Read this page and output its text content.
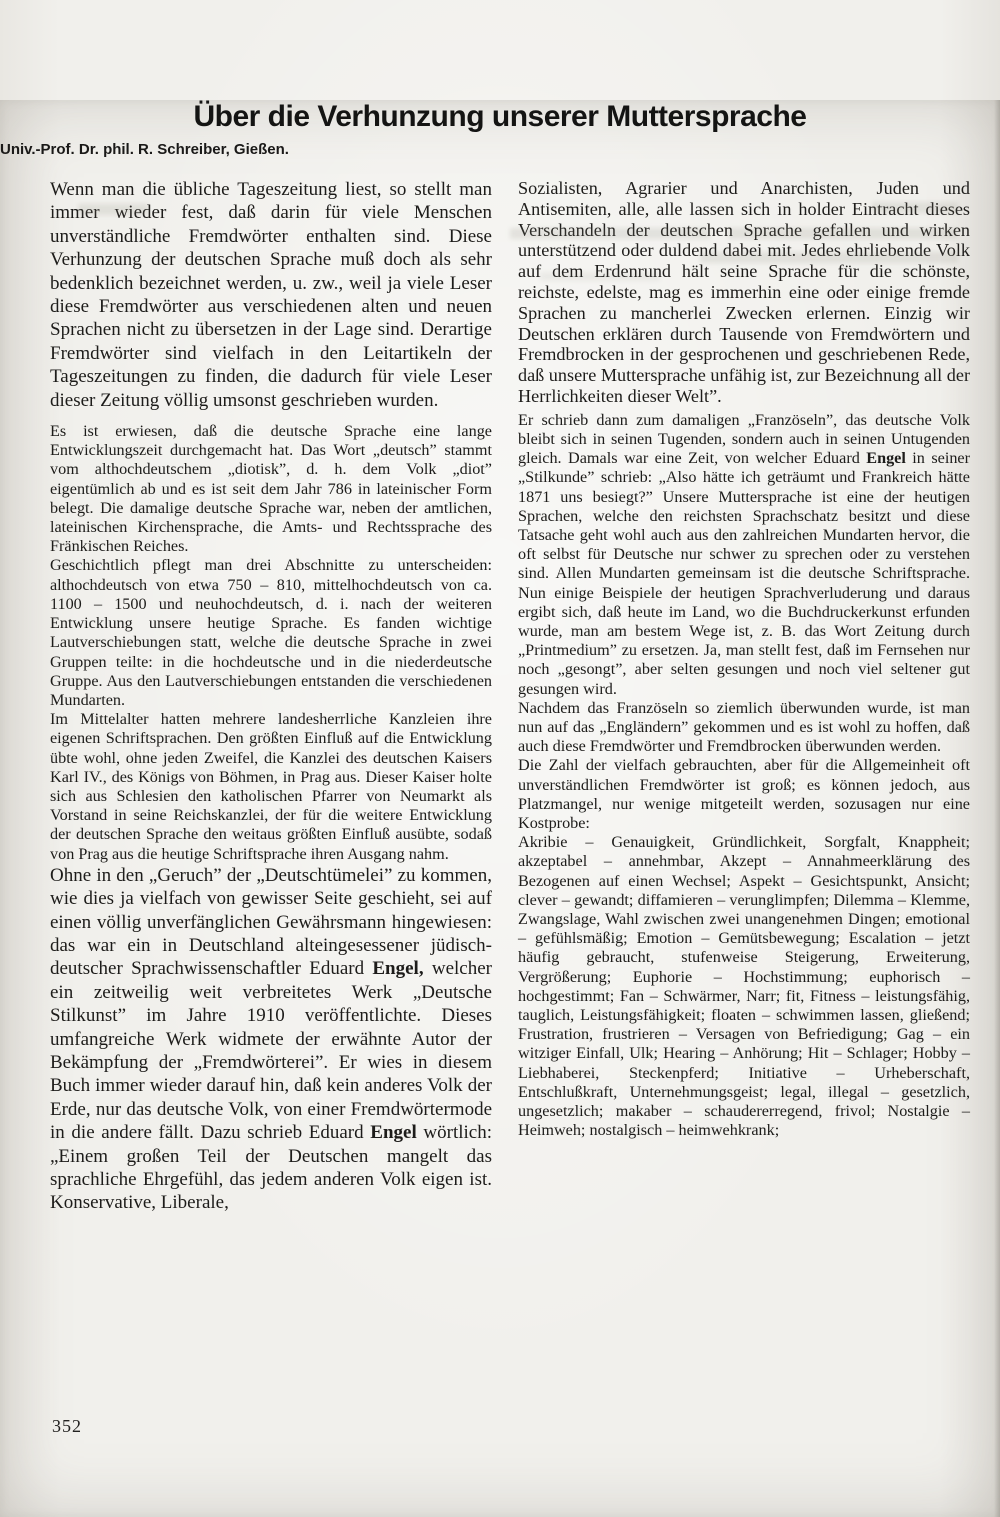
Über die Verhunzung unserer Muttersprache

Univ.-Prof. Dr. phil. R. Schreiber, Gießen.

Wenn man die übliche Tageszeitung liest, so stellt man immer wieder fest, daß darin für viele Menschen unverständliche Fremdwörter enthalten sind. Diese Verhunzung der deutschen Sprache muß doch als sehr bedenklich bezeichnet werden, u. zw., weil ja viele Leser diese Fremdwörter aus verschiedenen alten und neuen Sprachen nicht zu übersetzen in der Lage sind. Derartige Fremdwörter sind vielfach in den Leitartikeln der Tageszeitungen zu finden, die dadurch für viele Leser dieser Zeitung völlig umsonst geschrieben wurden.

Es ist erwiesen, daß die deutsche Sprache eine lange Entwicklungszeit durchgemacht hat. Das Wort „deutsch” stammt vom althochdeutschem „diotisk”, d. h. dem Volk „diot” eigentümlich ab und es ist seit dem Jahr 786 in lateinischer Form belegt. Die damalige deutsche Sprache war, neben der amtlichen, lateinischen Kirchensprache, die Amts- und Rechtssprache des Fränkischen Reiches.

Geschichtlich pflegt man drei Abschnitte zu unterscheiden: althochdeutsch von etwa 750 – 810, mittelhochdeutsch von ca. 1100 – 1500 und neuhochdeutsch, d. i. nach der weiteren Entwicklung unsere heutige Sprache. Es fanden wichtige Lautverschiebungen statt, welche die deutsche Sprache in zwei Gruppen teilte: in die hochdeutsche und in die niederdeutsche Gruppe. Aus den Lautverschiebungen entstanden die verschiedenen Mundarten.

Im Mittelalter hatten mehrere landesherrliche Kanzleien ihre eigenen Schriftsprachen. Den größten Einfluß auf die Entwicklung übte wohl, ohne jeden Zweifel, die Kanzlei des deutschen Kaisers Karl IV., des Königs von Böhmen, in Prag aus. Dieser Kaiser holte sich aus Schlesien den katholischen Pfarrer von Neumarkt als Vorstand in seine Reichskanzlei, der für die weitere Entwicklung der deutschen Sprache den weitaus größten Einfluß ausübte, sodaß von Prag aus die heutige Schriftsprache ihren Ausgang nahm.

Ohne in den „Geruch” der „Deutschtümelei” zu kommen, wie dies ja vielfach von gewisser Seite geschieht, sei auf einen völlig unverfänglichen Gewährsmann hingewiesen: das war ein in Deutschland alteingesessener jüdisch-deutscher Sprachwissenschaftler Eduard Engel, welcher ein zeitweilig weit verbreitetes Werk „Deutsche Stilkunst” im Jahre 1910 veröffentlichte. Dieses umfangreiche Werk widmete der erwähnte Autor der Bekämpfung der „Fremdwörterei”. Er wies in diesem Buch immer wieder darauf hin, daß kein anderes Volk der Erde, nur das deutsche Volk, von einer Fremdwörtermode in die andere fällt. Dazu schrieb Eduard Engel wörtlich: „Einem großen Teil der Deutschen mangelt das sprachliche Ehrgefühl, das jedem anderen Volk eigen ist. Konservative, Liberale,

Sozialisten, Agrarier und Anarchisten, Juden und Antisemiten, alle, alle lassen sich in holder Eintracht dieses Verschandeln der deutschen Sprache gefallen und wirken unterstützend oder duldend dabei mit. Jedes ehrliebende Volk auf dem Erdenrund hält seine Sprache für die schönste, reichste, edelste, mag es immerhin eine oder einige fremde Sprachen zu mancherlei Zwecken erlernen. Einzig wir Deutschen erklären durch Tausende von Fremdwörtern und Fremdbrocken in der gesprochenen und geschriebenen Rede, daß unsere Muttersprache unfähig ist, zur Bezeichnung all der Herrlichkeiten dieser Welt”.

Er schrieb dann zum damaligen „Französeln”, das deutsche Volk bleibt sich in seinen Tugenden, sondern auch in seinen Untugenden gleich. Damals war eine Zeit, von welcher Eduard Engel in seiner „Stilkunde” schrieb: „Also hätte ich geträumt und Frankreich hätte 1871 uns besiegt?” Unsere Muttersprache ist eine der heutigen Sprachen, welche den reichsten Sprachschatz besitzt und diese Tatsache geht wohl auch aus den zahlreichen Mundarten hervor, die oft selbst für Deutsche nur schwer zu sprechen oder zu verstehen sind. Allen Mundarten gemeinsam ist die deutsche Schriftsprache. Nun einige Beispiele der heutigen Sprachverluderung und daraus ergibt sich, daß heute im Land, wo die Buchdruckerkunst erfunden wurde, man am bestem Wege ist, z. B. das Wort Zeitung durch „Printmedium” zu ersetzen. Ja, man stellt fest, daß im Fernsehen nur noch „gesongt”, aber selten gesungen und noch viel seltener gut gesungen wird.

Nachdem das Französeln so ziemlich überwunden wurde, ist man nun auf das „Engländern” gekommen und es ist wohl zu hoffen, daß auch diese Fremdwörter und Fremdbrocken überwunden werden.

Die Zahl der vielfach gebrauchten, aber für die Allgemeinheit oft unverständlichen Fremdwörter ist groß; es können jedoch, aus Platzmangel, nur wenige mitgeteilt werden, sozusagen nur eine Kostprobe:

Akribie – Genauigkeit, Gründlichkeit, Sorgfalt, Knappheit; akzeptabel – annehmbar, Akzept – Annahmeerklärung des Bezogenen auf einen Wechsel; Aspekt – Gesichtspunkt, Ansicht; clever – gewandt; diffamieren – verunglimpfen; Dilemma – Klemme, Zwangslage, Wahl zwischen zwei unangenehmen Dingen; emotional – gefühlsmäßig; Emotion – Gemütsbewegung; Escalation – jetzt häufig gebraucht, stufenweise Steigerung, Erweiterung, Vergrößerung; Euphorie – Hochstimmung; euphorisch – hochgestimmt; Fan – Schwärmer, Narr; fit, Fitness – leistungsfähig, tauglich, Leistungsfähigkeit; floaten – schwimmen lassen, gließend; Frustration, frustrieren – Versagen von Befriedigung; Gag – ein witziger Einfall, Ulk; Hearing – Anhörung; Hit – Schlager; Hobby – Liebhaberei, Steckenpferd; Initiative – Urheberschaft, Entschlußkraft, Unternehmungsgeist; legal, illegal – gesetzlich, ungesetzlich; makaber – schaudererregend, frivol; Nostalgie – Heimweh; nostalgisch – heimwehkrank;

352
